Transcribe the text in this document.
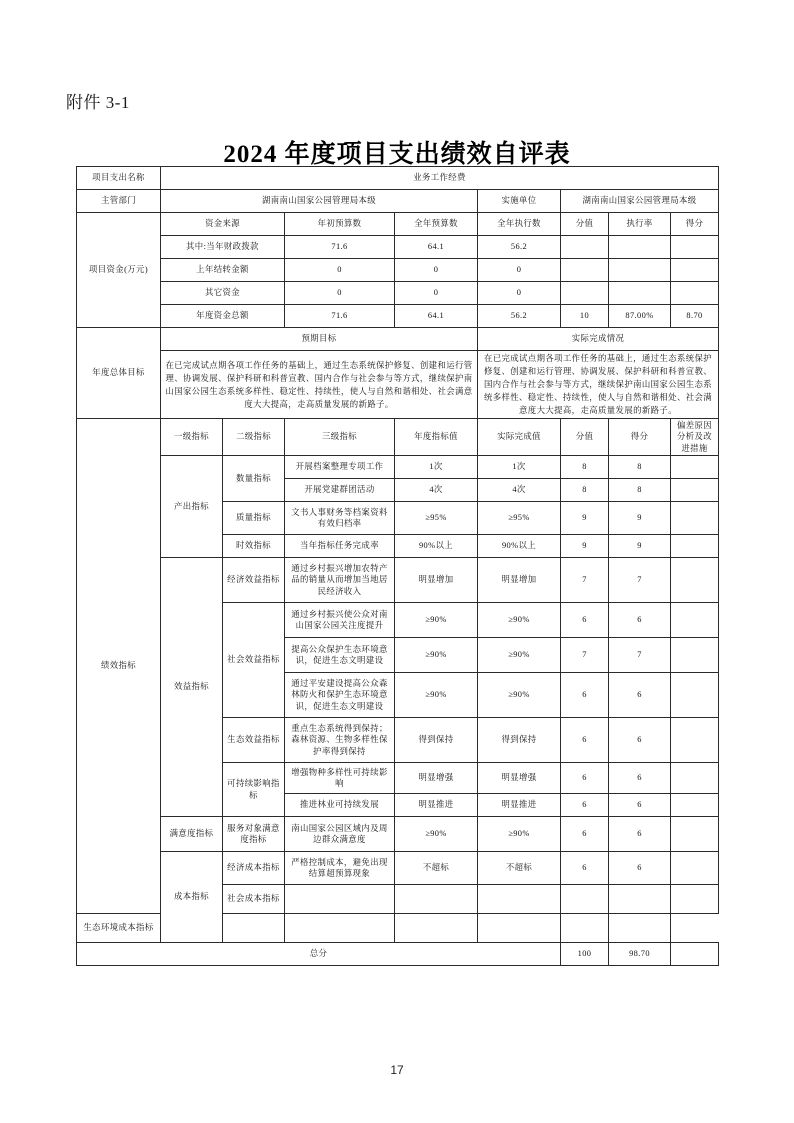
附件 3-1
2024 年度项目支出绩效自评表
项目支出名称	业务工作经费							
主管部门	湖南南山国家公园管理局本级				实施单位	湖南南山国家公园管理局本级		
项目资金(万元)	资金来源		年初预算数	全年预算数	全年执行数	分值	执行率	得分
	其中:当年财政拨款		71.6	64.1	56.2			
	上年结转金额		0	0	0			
	其它资金		0	0	0			
	年度资金总额		71.6	64.1	56.2	10	87.00%	8.70
年度总体目标	预期目标				实际完成情况			
	在已完成试点期各项工作任务的基础上，通过生态系统保护修复、创建和运行管理、协调发展、保护科研和科普宣教、国内合作与社会参与等方式，继续保护南山国家公园生态系统多样性、稳定性、持续性，使人与自然和谐相处、社会满意度大大提高，走高质量发展的新路子。				在已完成试点期各项工作任务的基础上，通过生态系统保护修复、创建和运行管理、协调发展、保护科研和科普宣教、国内合作与社会参与等方式，继续保护南山国家公园生态系统多样性、稳定性、持续性，使人与自然和谐相处、社会满意度大大提高，走高质量发展的新路子。			
绩效指标	一级指标	二级指标	三级指标	年度指标值	实际完成值	分值	得分	偏差原因分析及改进措施
	产出指标	数量指标	开展档案整理专项工作	1次	1次	8	8	
			开展党建群团活动	4次	4次	8	8	
		质量指标	文书人事财务等档案资料有效归档率	≥95%	≥95%	9	9	
		时效指标	当年指标任务完成率	90%以上	90%以上	9	9	
	效益指标	经济效益指标	通过乡村振兴增加农特产品的销量从而增加当地居民经济收入	明显增加	明显增加	7	7	
		社会效益指标	通过乡村振兴使公众对南山国家公园关注度提升	≥90%	≥90%	6	6	
			提高公众保护生态环境意识，促进生态文明建设	≥90%	≥90%	7	7	
			通过平安建设提高公众森林防火和保护生态环境意识，促进生态文明建设	≥90%	≥90%	6	6	
		生态效益指标	重点生态系统得到保持；森林资源、生物多样性保护率得到保持	得到保持	得到保持	6	6	
		可持续影响指标	增强物种多样性可持续影响	明显增强	明显增强	6	6	
			推进林业可持续发展	明显推进	明显推进	6	6	
	满意度指标	服务对象满意度指标	南山国家公园区域内及周边群众满意度	≥90%	≥90%	6	6	
	成本指标	经济成本指标	严格控制成本，避免出现结算超预算现象	不超标	不超标	6	6	
		社会成本指标						
生态环境成本指标								
总分						100	98.70	
17
